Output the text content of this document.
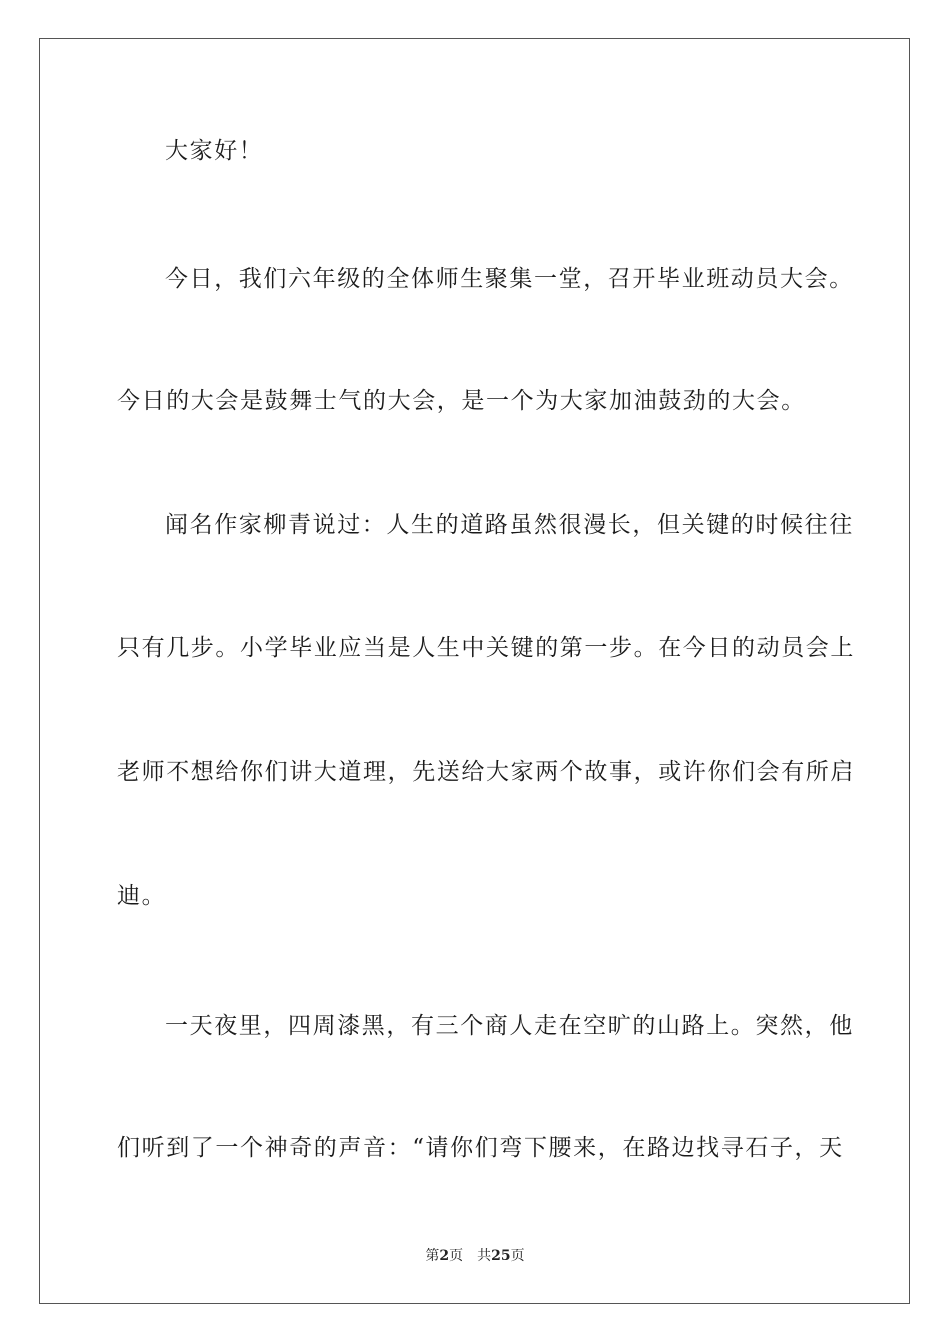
大家好！
今日，我们六年级的全体师生聚集一堂，召开毕业班动员大会。
今日的大会是鼓舞士气的大会，是一个为大家加油鼓劲的大会。
闻名作家柳青说过：人生的道路虽然很漫长，但关键的时候往往
只有几步。小学毕业应当是人生中关键的第一步。在今日的动员会上
老师不想给你们讲大道理，先送给大家两个故事，或许你们会有所启
迪。
一天夜里，四周漆黑，有三个商人走在空旷的山路上。突然，他
们听到了一个神奇的声音：“请你们弯下腰来，在路边找寻石子，天
第2页 共25页
